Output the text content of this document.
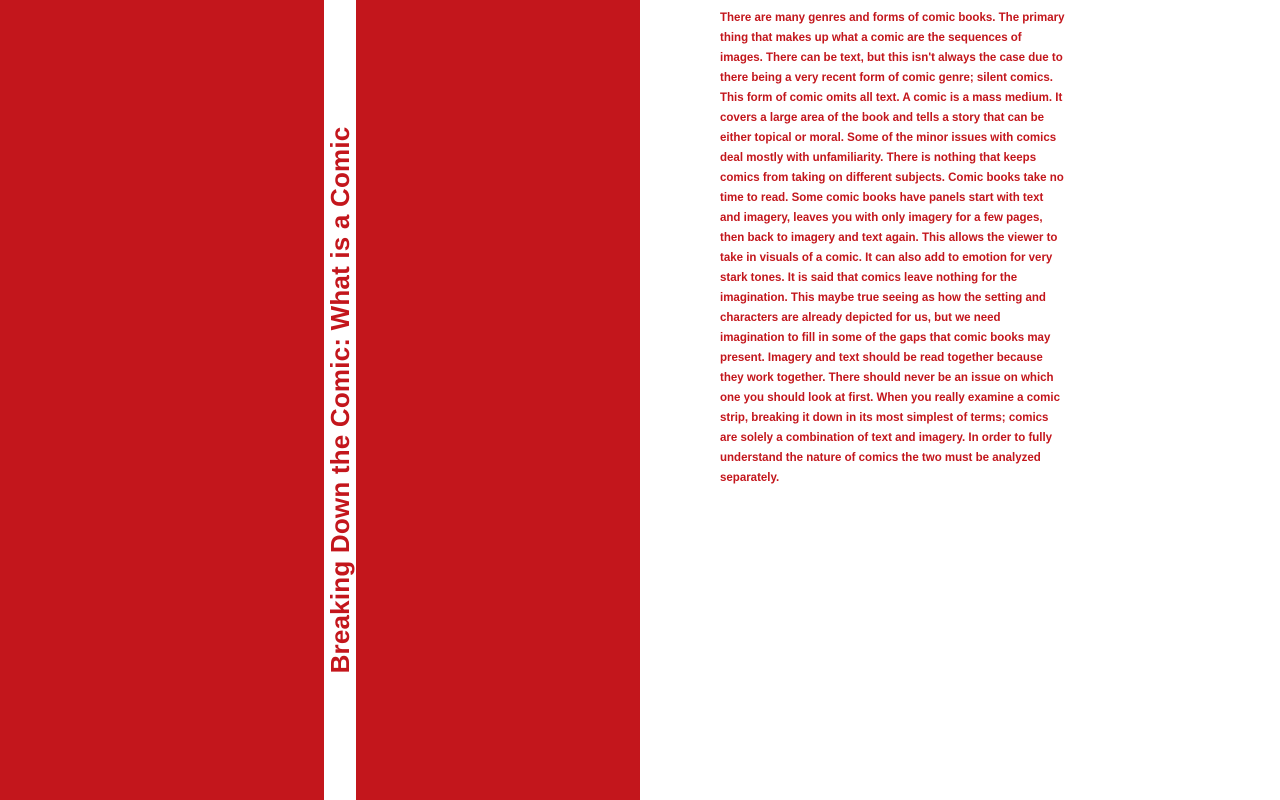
Breaking Down the Comic: What is a Comic

There are many genres and forms of comic books. The primary thing that makes up what a comic are the sequences of images. There can be text, but this isn't always the case due to there being a very recent form of comic genre; silent comics. This form of comic omits all text. A comic is a mass medium. It covers a large area of the book and tells a story that can be either topical or moral. Some of the minor issues with comics deal mostly with unfamiliarity. There is nothing that keeps comics from taking on different subjects. Comic books take no time to read. Some comic books have panels start with text and imagery, leaves you with only imagery for a few pages, then back to imagery and text again. This allows the viewer to take in visuals of a comic. It can also add to emotion for very stark tones. It is said that comics leave nothing for the imagination. This maybe true seeing as how the setting and characters are already depicted for us, but we need imagination to fill in some of the gaps that comic books may present. Imagery and text should be read together because they work together. There should never be an issue on which one you should look at first. When you really examine a comic strip, breaking it down in its most simplest of terms; comics are solely a combination of text and imagery. In order to fully understand the nature of comics the two must be analyzed separately.
